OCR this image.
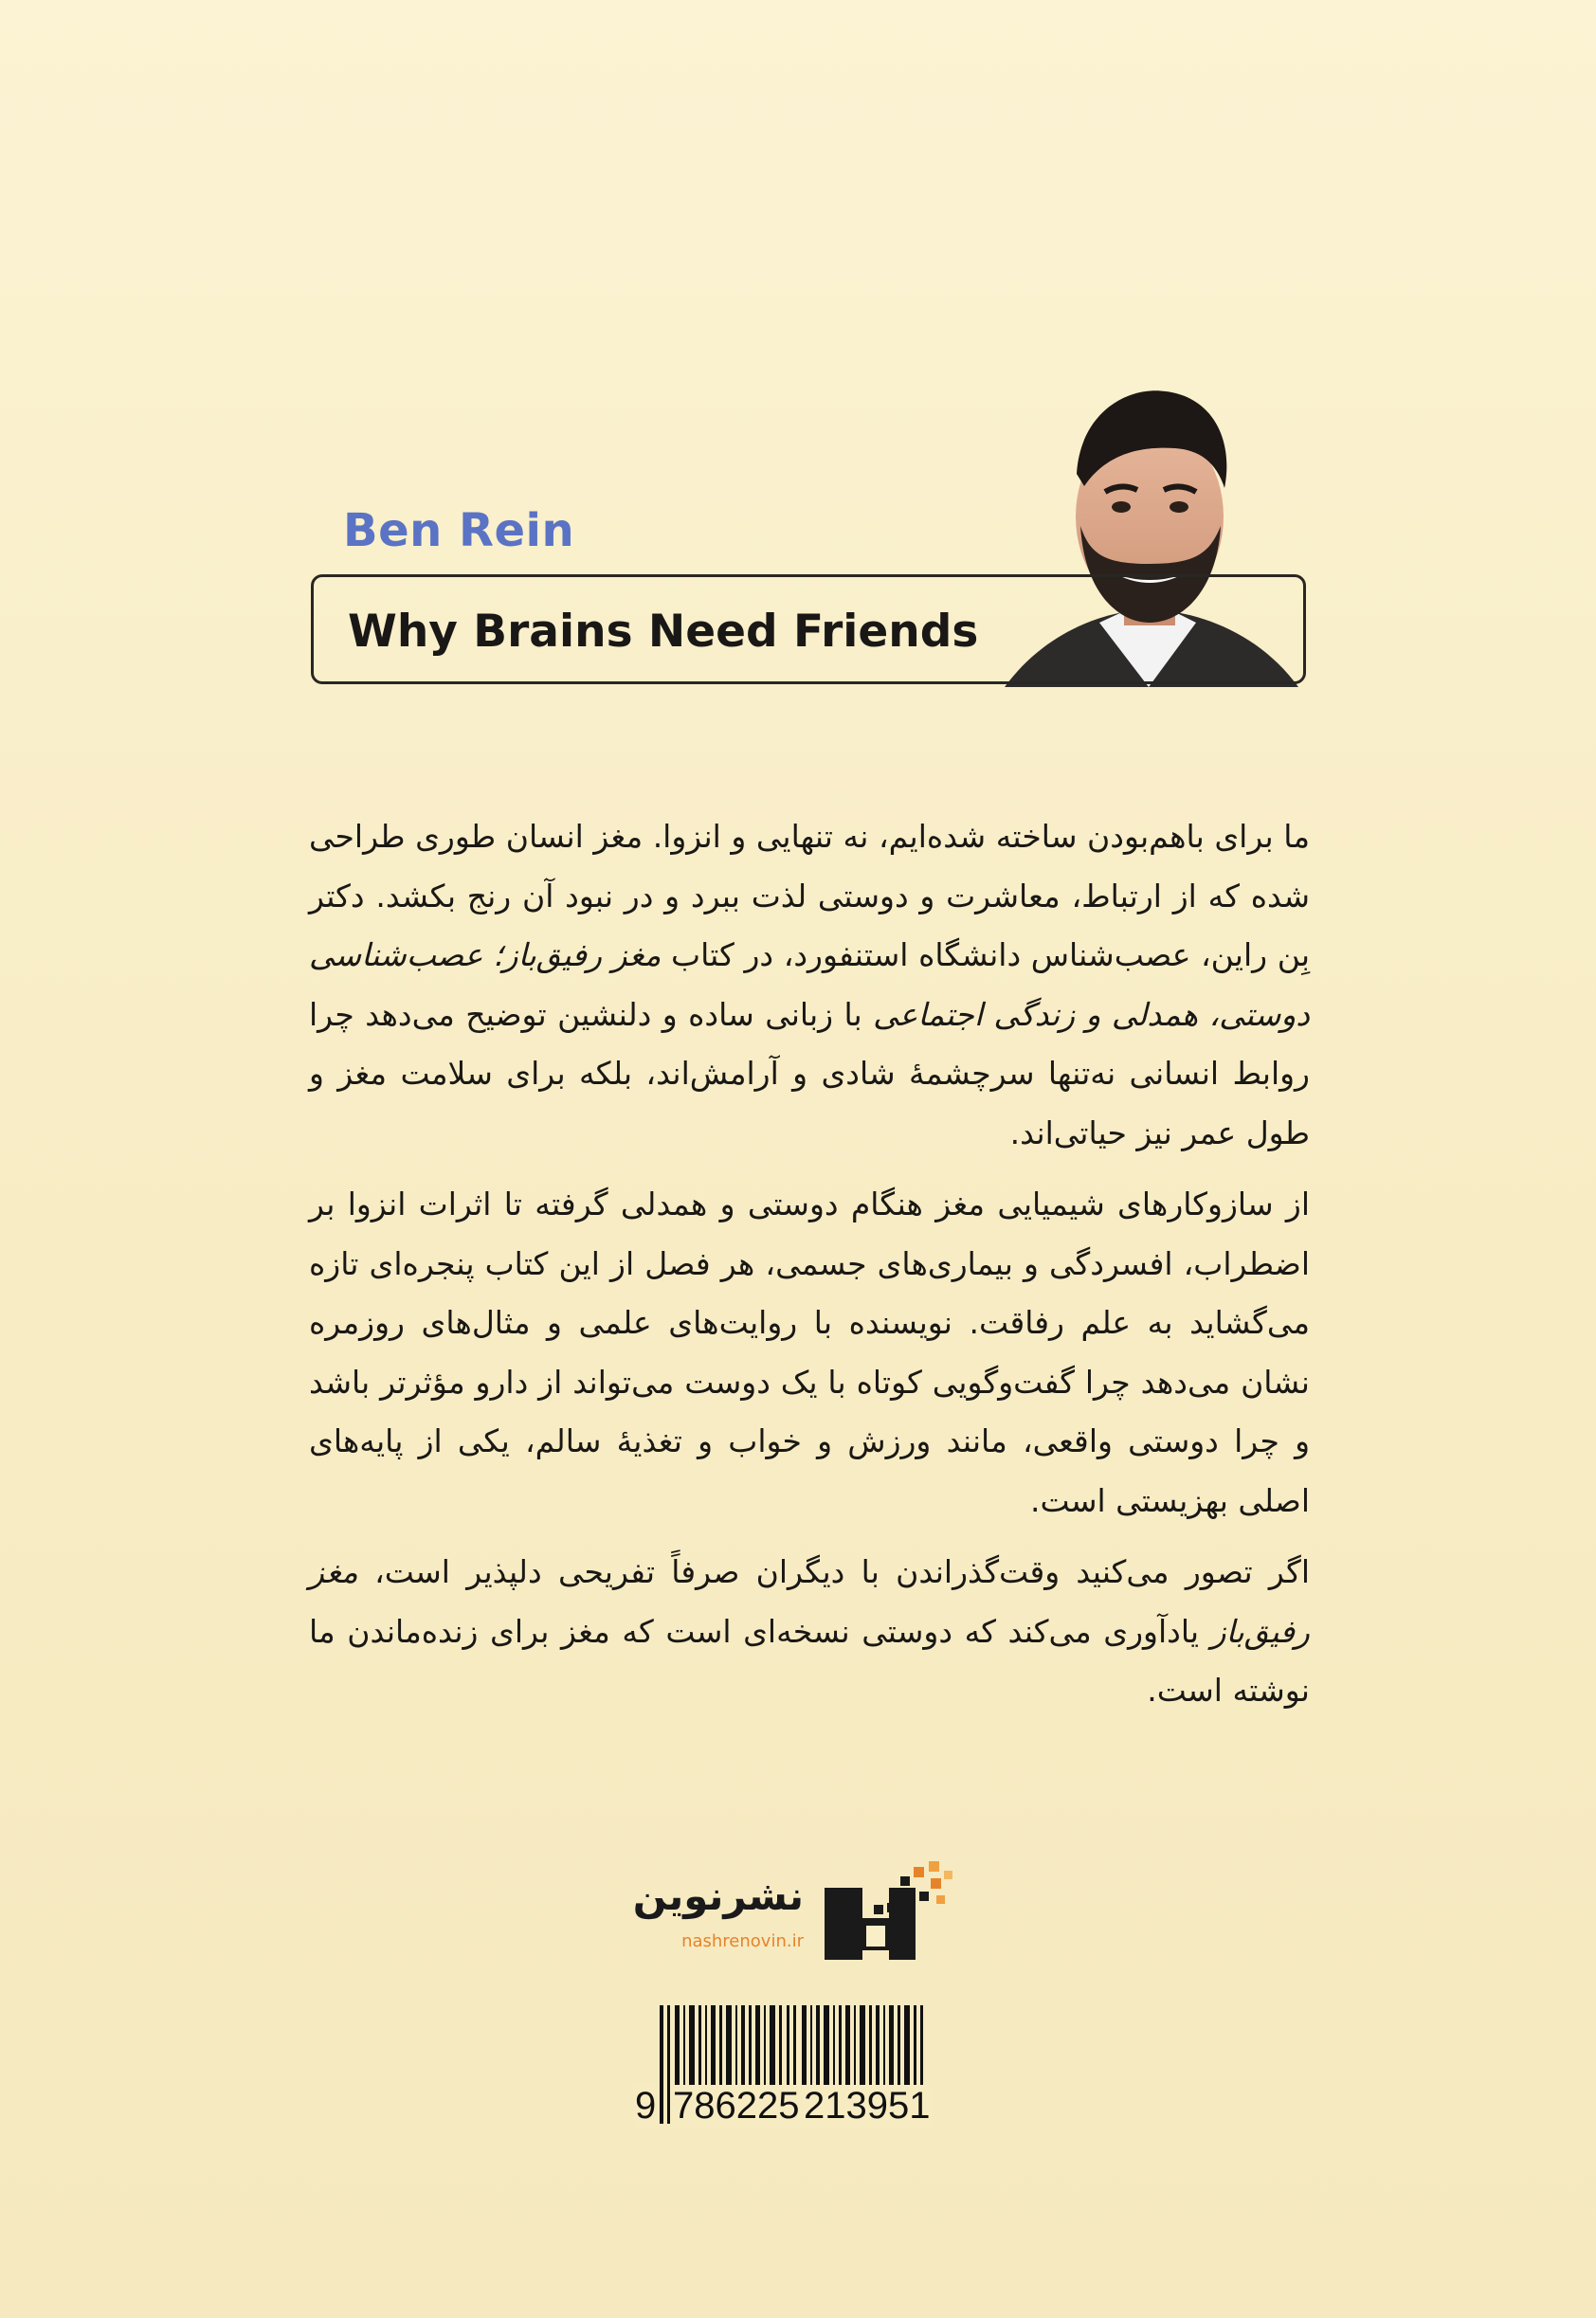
Ben Rein
Why Brains Need Friends

ما برای باهم‌بودن ساخته شده‌ایم، نه تنهایی و انزوا. مغز انسان طوری طراحی شده که از ارتباط، معاشرت و دوستی لذت ببرد و در نبود آن رنج بکشد. دکتر بِن راین، عصب‌شناس دانشگاه استنفورد، در کتاب مغز رفیق‌باز؛ عصب‌شناسی دوستی، همدلی و زندگی اجتماعی با زبانی ساده و دلنشین توضیح می‌دهد چرا روابط انسانی نه‌تنها سرچشمهٔ شادی و آرامش‌اند، بلکه برای سلامت مغز و طول عمر نیز حیاتی‌اند.

از سازوکارهای شیمیایی مغز هنگام دوستی و همدلی گرفته تا اثرات انزوا بر اضطراب، افسردگی و بیماری‌های جسمی، هر فصل از این کتاب پنجره‌ای تازه می‌گشاید به علم رفاقت. نویسنده با روایت‌های علمی و مثال‌های روزمره نشان می‌دهد چرا گفت‌وگویی کوتاه با یک دوست می‌تواند از دارو مؤثرتر باشد و چرا دوستی واقعی، مانند ورزش و خواب و تغذیهٔ سالم، یکی از پایه‌های اصلی بهزیستی است.

اگر تصور می‌کنید وقت‌گذراندن با دیگران صرفاً تفریحی دلپذیر است، مغز رفیق‌باز یادآوری می‌کند که دوستی نسخه‌ای است که مغز برای زنده‌ماندن ما نوشته است.

نشرنوین
nashrenovin.ir
9 786225 213951
